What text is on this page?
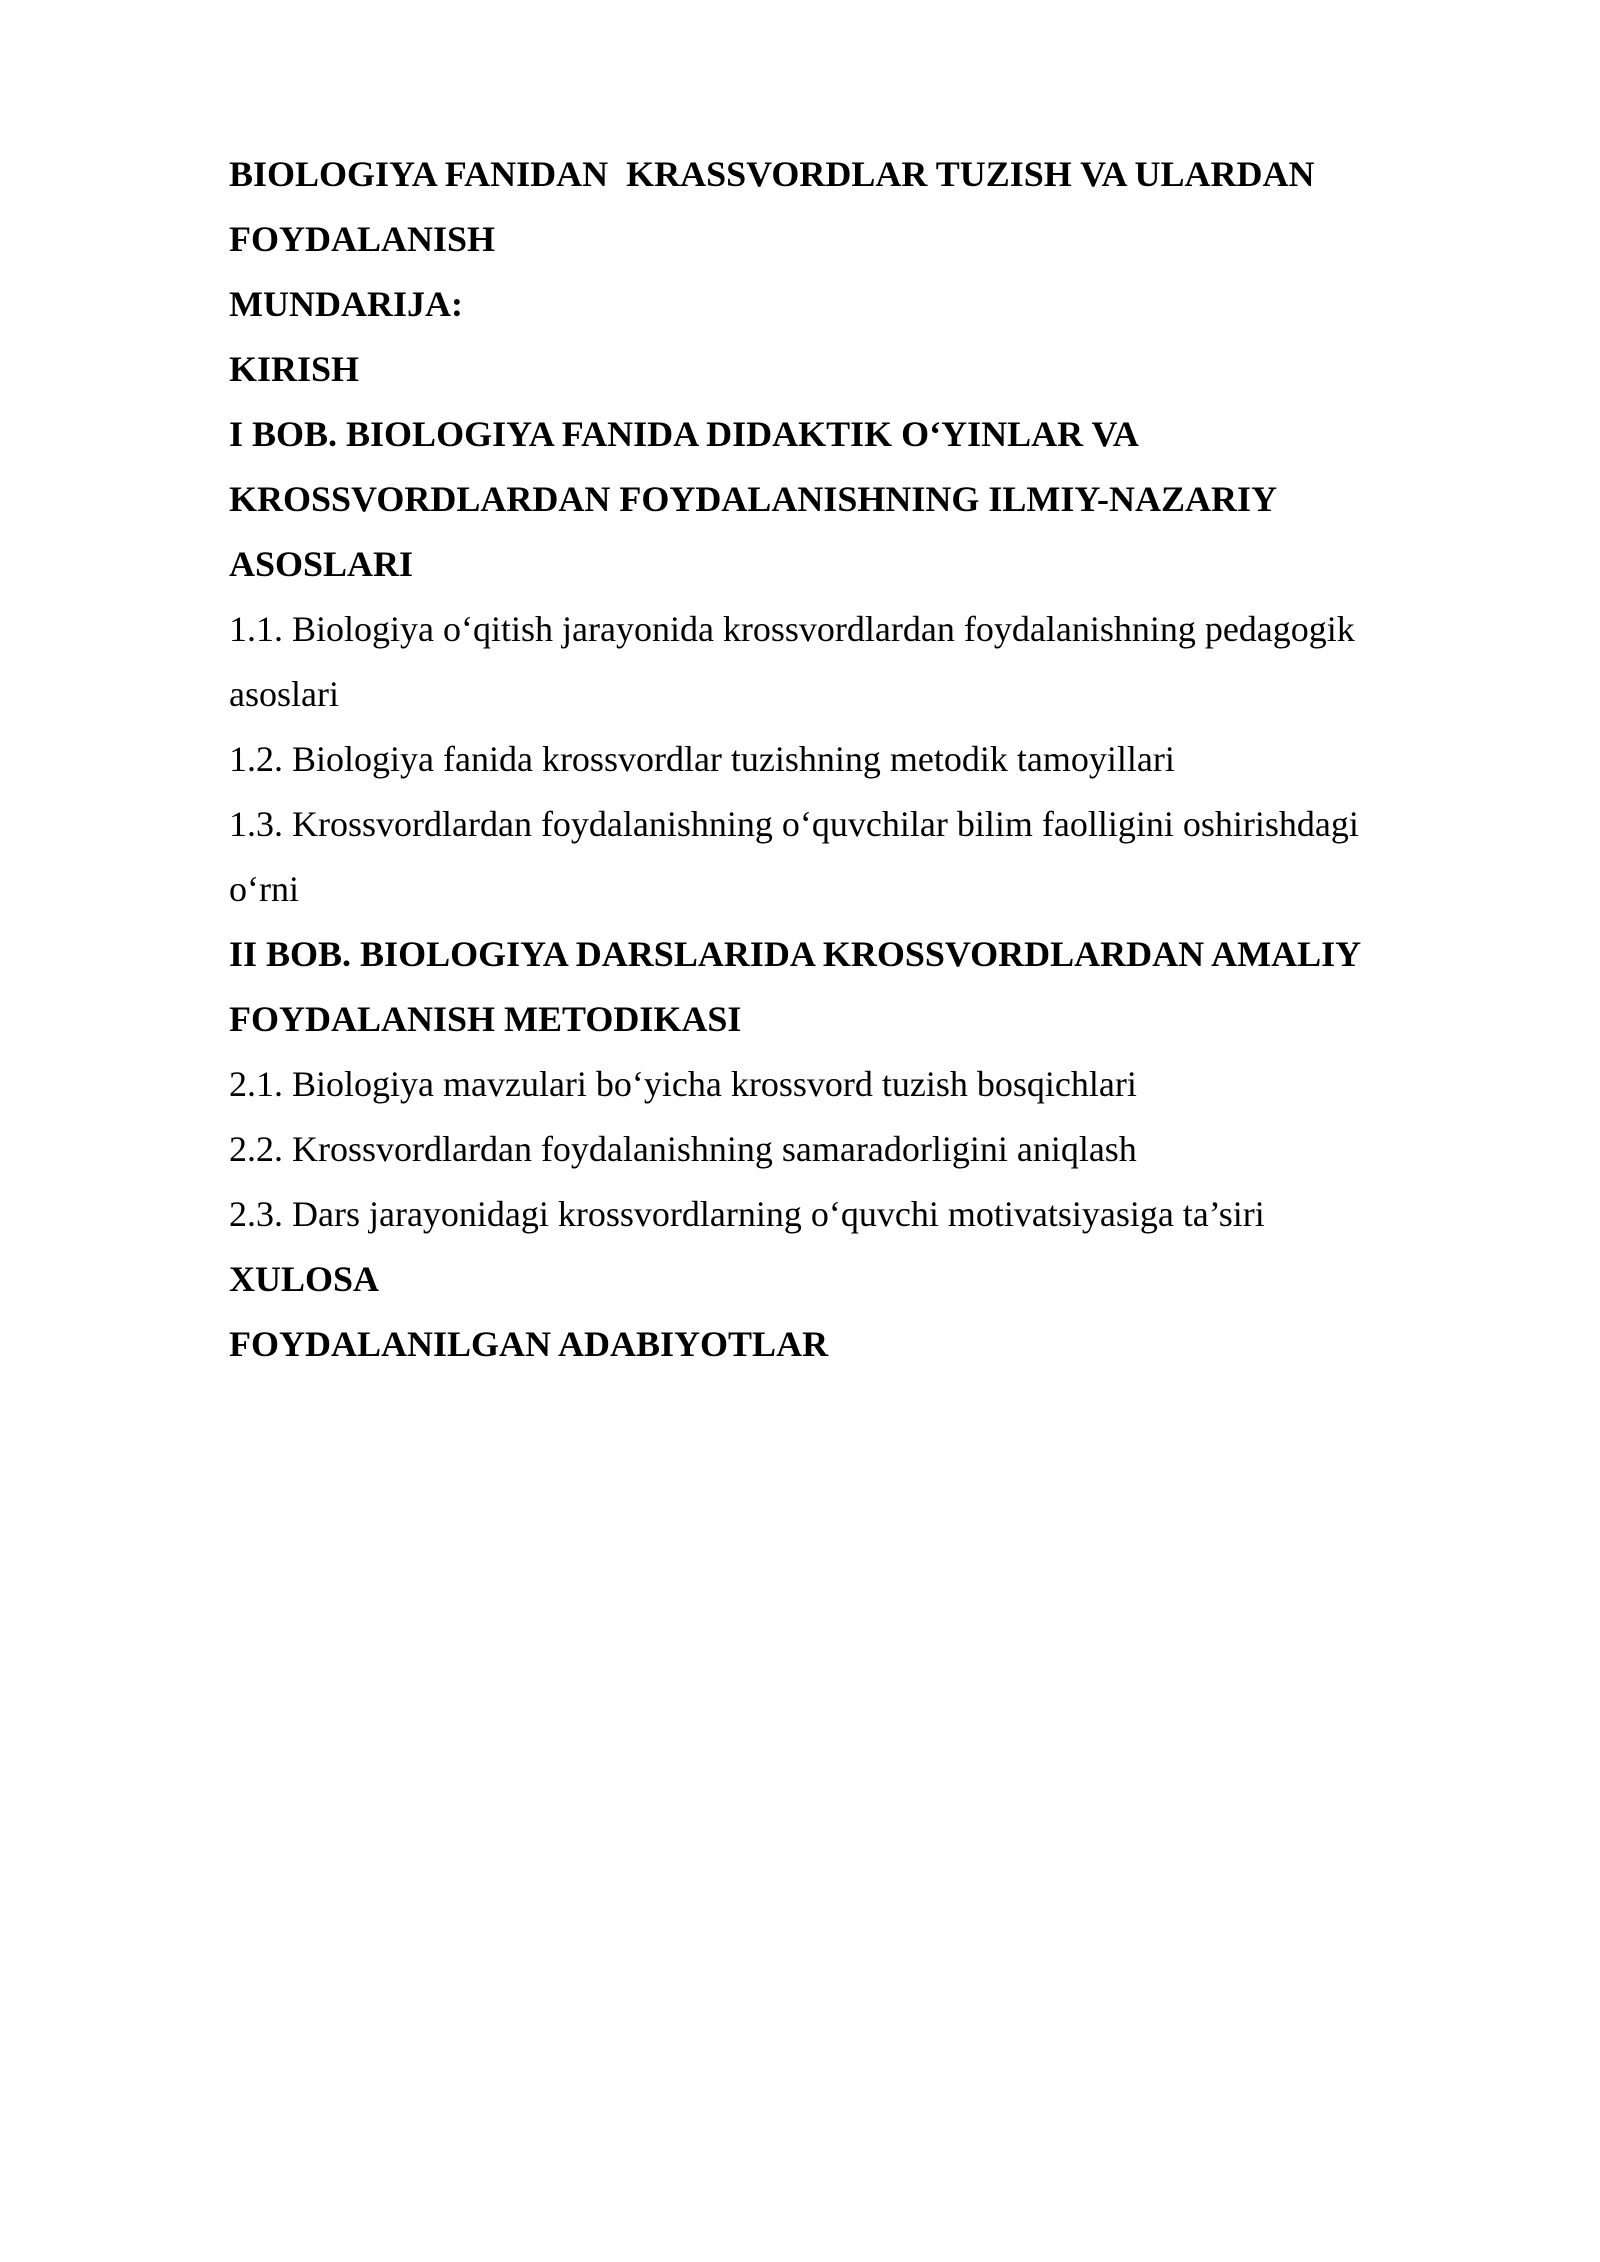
BIOLOGIYA FANIDAN  KRASSVORDLAR TUZISH VA ULARDAN

FOYDALANISH

MUNDARIJA:

KIRISH

I BOB. BIOLOGIYA FANIDA DIDAKTIK O‘YINLAR VA

KROSSVORDLARDAN FOYDALANISHNING ILMIY-NAZARIY

ASOSLARI

1.1. Biologiya o‘qitish jarayonida krossvordlardan foydalanishning pedagogik

asoslari

1.2. Biologiya fanida krossvordlar tuzishning metodik tamoyillari

1.3. Krossvordlardan foydalanishning o‘quvchilar bilim faolligini oshirishdagi

o‘rni

II BOB. BIOLOGIYA DARSLARIDA KROSSVORDLARDAN AMALIY

FOYDALANISH METODIKASI

2.1. Biologiya mavzulari bo‘yicha krossvord tuzish bosqichlari

2.2. Krossvordlardan foydalanishning samaradorligini aniqlash

2.3. Dars jarayonidagi krossvordlarning o‘quvchi motivatsiyasiga ta’siri

XULOSA

FOYDALANILGAN ADABIYOTLAR
